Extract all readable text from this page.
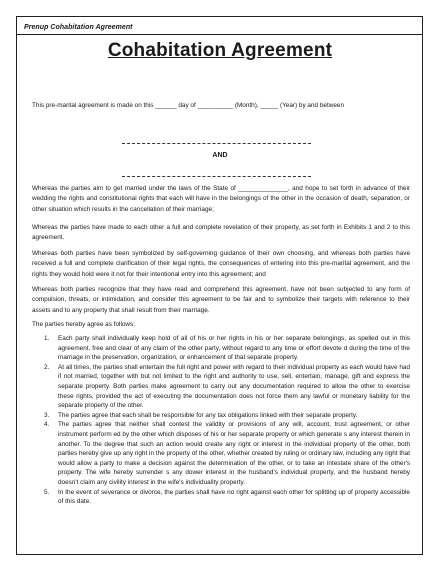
Prenup Cohabitation Agreement
Cohabitation Agreement
This pre-marital agreement is made on this ______ day of __________ (Month), _____ (Year) by and between
AND
Whereas the parties aim to get married under the laws of the State of ______________, and hope to set forth in advance of their wedding the rights and constitutional rights that each will have in the belongings of the other in the occasion of death, separation, or other situation which results in the cancellation of their marriage;
Whereas the parties have made to each other a full and complete revelation of their property, as set forth in Exhibits 1 and 2 to this agreement.
Whereas both parties have been symbolized by self-governing guidance of their own choosing, and whereas both parties have received a full and complete clarification of their legal rights, the consequences of entering into this pre-marital agreement, and the rights they would hold were it not for their intentional entry into this agreement; and
Whereas both parties recognize that they have read and comprehend this agreement, have not been subjected to any form of compulsion, threats, or intimidation, and consider this agreement to be fair and to symbolize their targets with reference to their assets and to any property that shall result from their marriage.
The parties hereby agree as follows:
1. Each party shall individually keep hold of all of his or her rights in his or her separate belongings, as spelled out in this agreement, free and clear of any claim of the other party, without regard to any time or effort devote d during the time of the marriage in the preservation, organization, or enhancement of that separate property.
2. At all times, the parties shall entertain the full right and power with regard to their individual property as each would have had if not married, together with but not limited to the right and authority to use, sell, entertain, manage, gift and express the separate property. Both parties make agreement to carry out any documentation required to allow the other to exercise these rights, provided the act of executing the documentation does not force them any lawful or monetary liability for the separate property of the other.
3. The parties agree that each shall be responsible for any tax obligations linked with their separate property.
4. The parties agree that neither shall contest the validity or provisions of any will, account, trust agreement, or other instrument perform ed by the other which disposes of his or her separate property or which generate s any interest therein in another. To the degree that such an action would create any right or interest in the individual property of the other, both parties hereby give up any right in the property of the other, whether created by ruling or ordinary law, including any right that would allow a party to make a decision against the determination of the other, or to take an intestate share of the other's property. The wife hereby surrender s any dower interest in the husband's individual property, and the husband hereby doesn't claim any civility interest in the wife's individuality property.
5. In the event of severance or divorce, the parties shall have no right against each other for splitting up of property accessible of this date.
